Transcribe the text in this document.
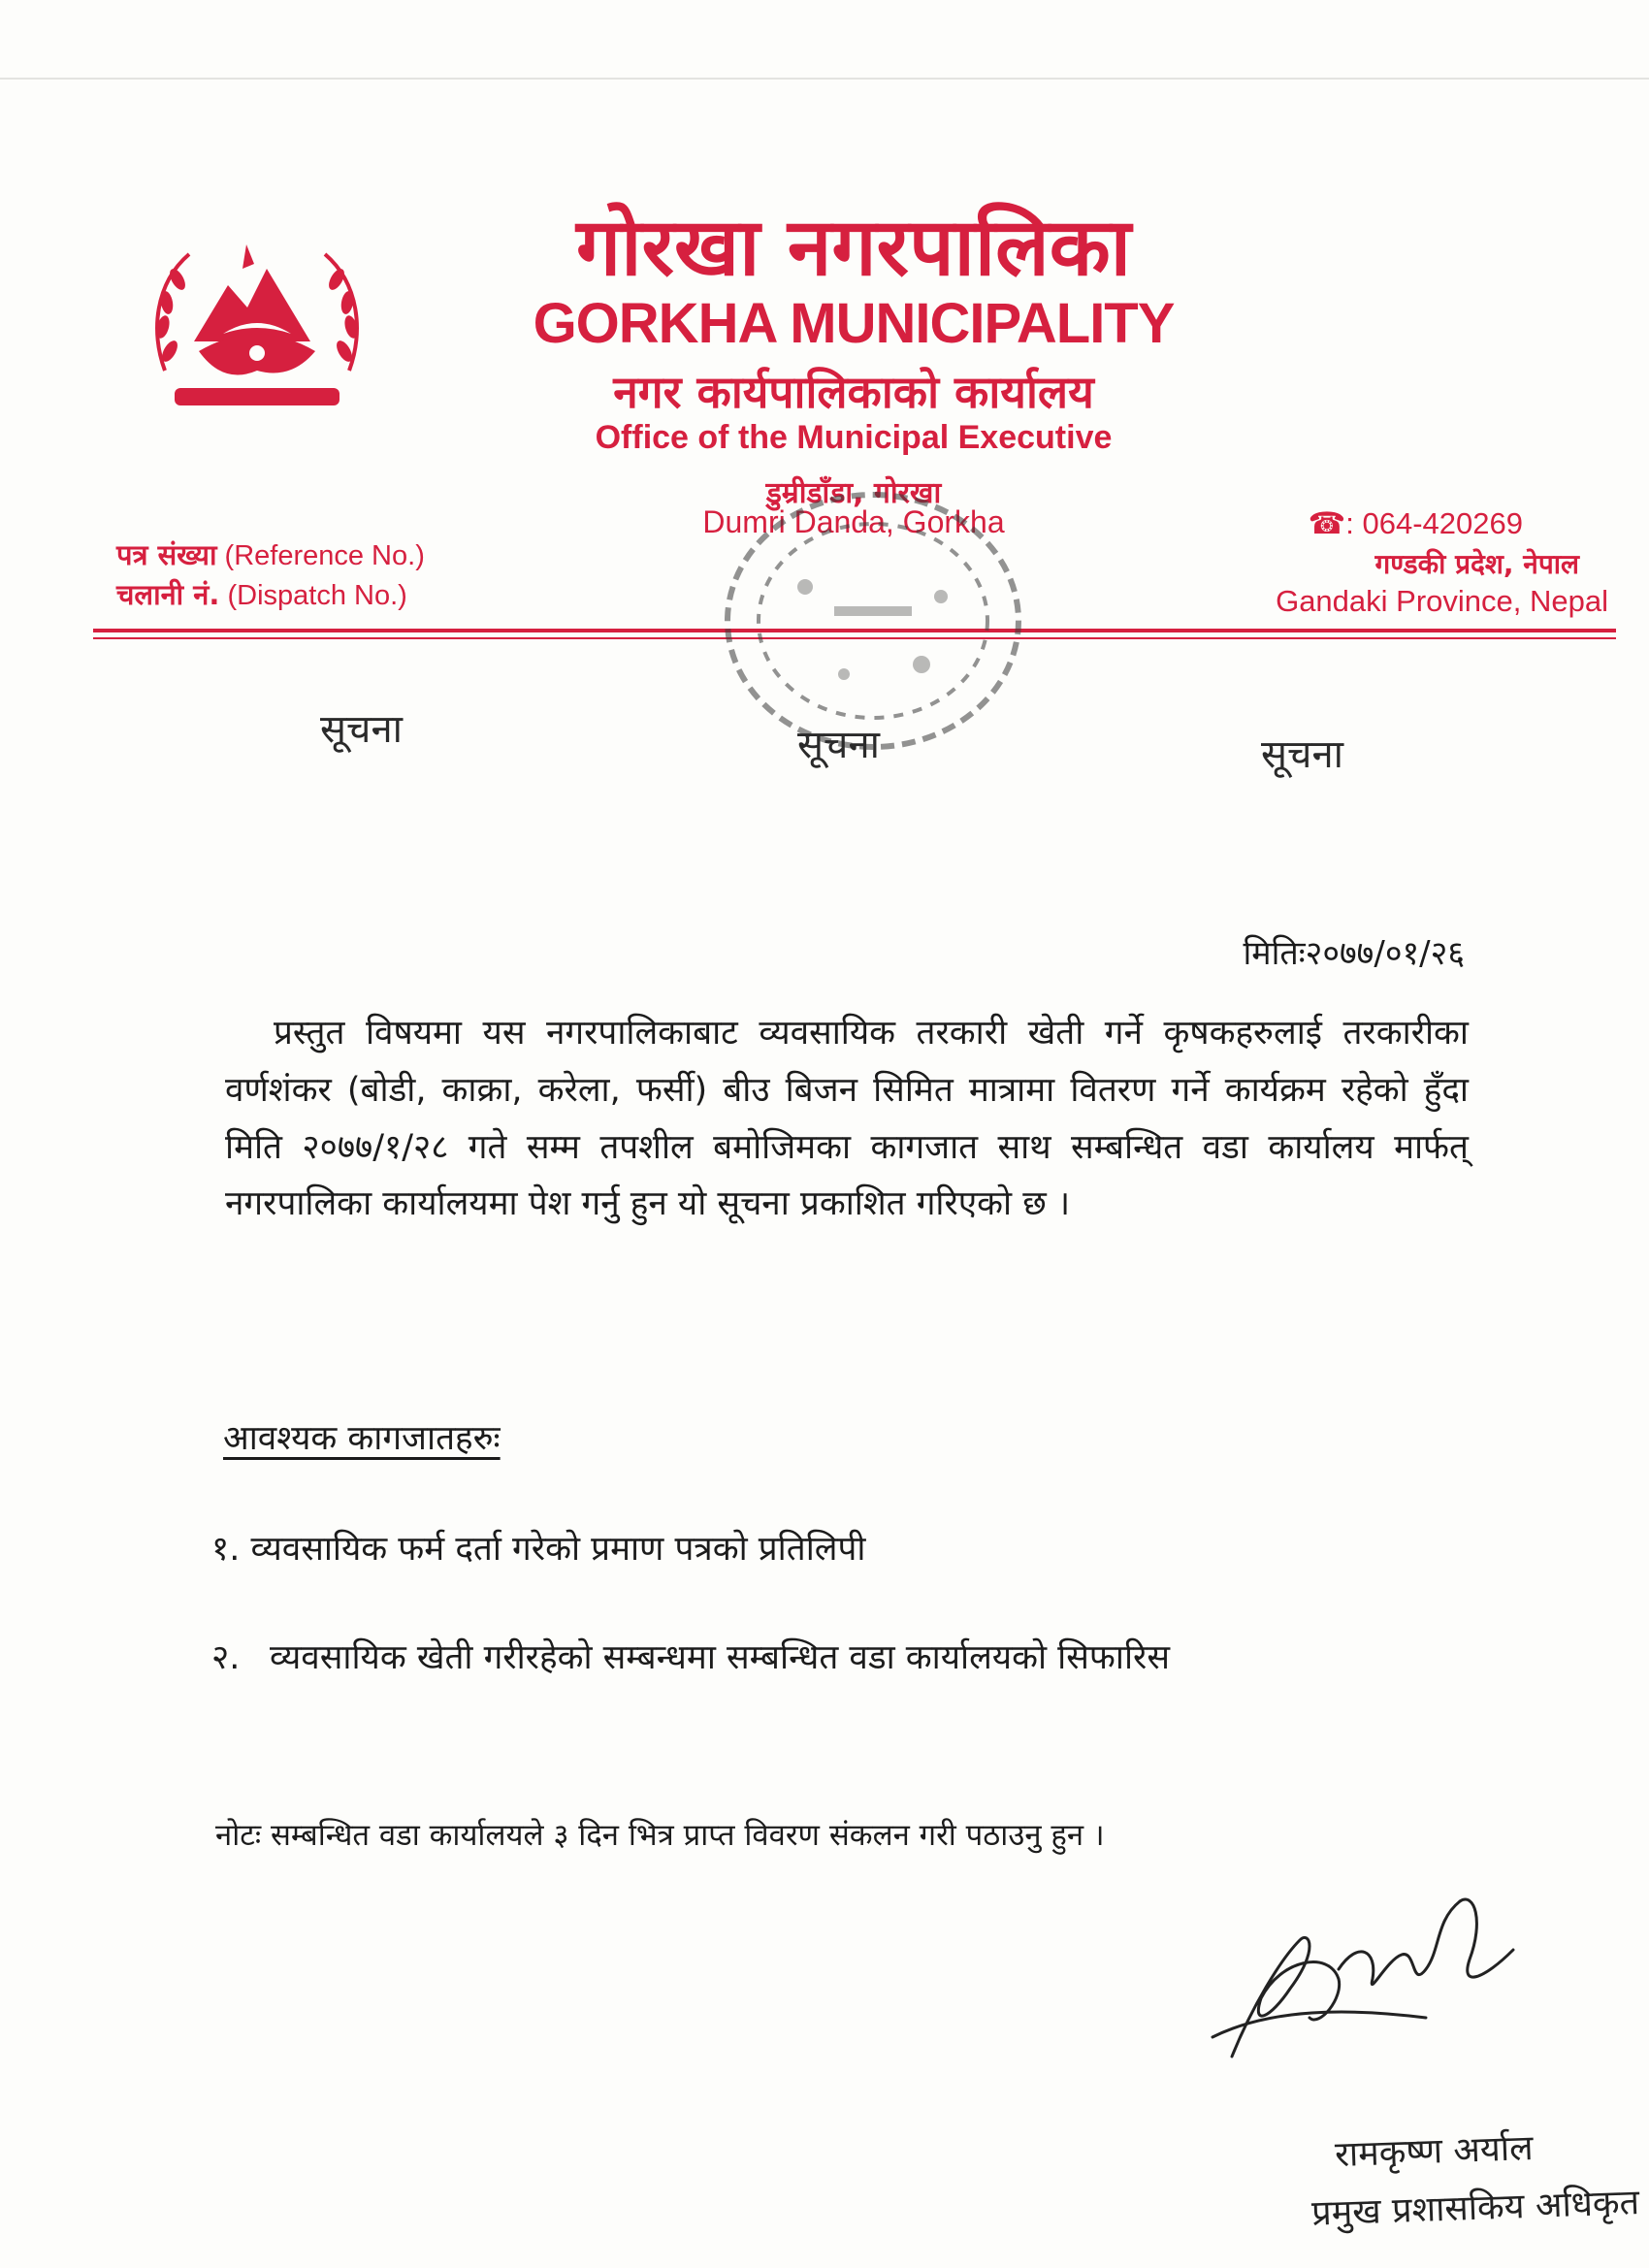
गोरखा नगरपालिका
GORKHA MUNICIPALITY
नगर कार्यपालिकाको कार्यालय
Office of the Municipal Executive
डुम्रीडाँडा, गोरखा
Dumri Danda, Gorkha
पत्र संख्या (Reference No.)
चलानी नं. (Dispatch No.)
☎: 064-420269
गण्डकी प्रदेश, नेपाल
Gandaki Province, Nepal
सूचना	सूचना	सूचना
मितिः२०७७/०१/२६
प्रस्तुत विषयमा यस नगरपालिकाबाट व्यवसायिक तरकारी खेती गर्ने कृषकहरुलाई तरकारीका वर्णशंकर (बोडी, काक्रा, करेला, फर्सी) बीउ बिजन सिमित मात्रामा वितरण गर्ने कार्यक्रम रहेको हुँदा मिति २०७७/१/२८ गते सम्म तपशील बमोजिमका कागजात साथ सम्बन्धित वडा कार्यालय मार्फत् नगरपालिका कार्यालयमा पेश गर्नु हुन यो सूचना प्रकाशित गरिएको छ ।
आवश्यक कागजातहरुः
१. व्यवसायिक फर्म दर्ता गरेको प्रमाण पत्रको प्रतिलिपी
२. व्यवसायिक खेती गरीरहेको सम्बन्धमा सम्बन्धित वडा कार्यालयको सिफारिस
नोटः सम्बन्धित वडा कार्यालयले ३ दिन भित्र प्राप्त विवरण संकलन गरी पठाउनु हुन ।
रामकृष्ण अर्याल
प्रमुख प्रशासकिय अधिकृत
